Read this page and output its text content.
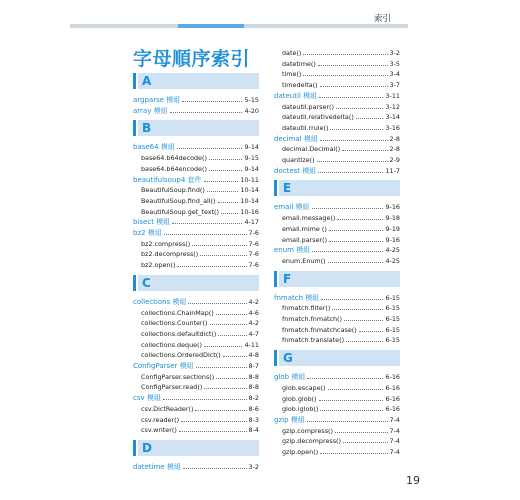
索引
字母順序索引
A
argparse 模組	5-15
array 模組	4-20
B
base64 模組	9-14
base64.b64decode()	9-15
base64.b64encode()	9-14
beautifulsoup4 套件	10-11
BeautifulSoup.find()	10-14
BeautifulSoup.find_all()	10-14
BeautifulSoup.get_text()	10-16
bisect 模組	4-17
bz2 模組	7-6
bz2.compress()	7-6
bz2.decompress()	7-6
bz2.open()	7-6
C
collections 模組	4-2
collections.ChainMap()	4-6
collections.Counter()	4-2
collections.defaultdict()	4-7
collections.deque()	4-11
collections.OrderedDict()	4-8
ConfigParser 模組	8-7
ConfigParser.sections()	8-8
ConfigParser.read()	8-8
csv 模組	8-2
csv.DictReader()	8-6
csv.reader()	8-3
csv.writer()	8-4
D
datetime 模組	3-2
date()	3-2
datetime()	3-5
time()	3-4
timedelta()	3-7
dateutil 模組	3-11
dateutil.parser()	3-12
dateutil.relativedelta()	3-14
dateutil.rrule()	3-16
decimal 模組	2-8
decimal.Decimal()	2-8
quantize()	2-9
doctest 模組	11-7
E
email 模組	9-16
email.message()	9-18
email.mime ()	9-19
email.parser()	9-16
enum 模組	4-25
enum.Enum()	4-25
F
fnmatch 模組	6-15
fnmatch.filter()	6-15
fnmatch.fnmatch()	6-15
fnmatch.fnmatchcase()	6-15
fnmatch.translate()	6-15
G
glob 模組	6-16
glob.escape()	6-16
glob.glob()	6-16
glob.iglob()	6-16
gzip 模組	7-4
gzip.compress()	7-4
gzip.decompress()	7-4
gzip.open()	7-4
19
